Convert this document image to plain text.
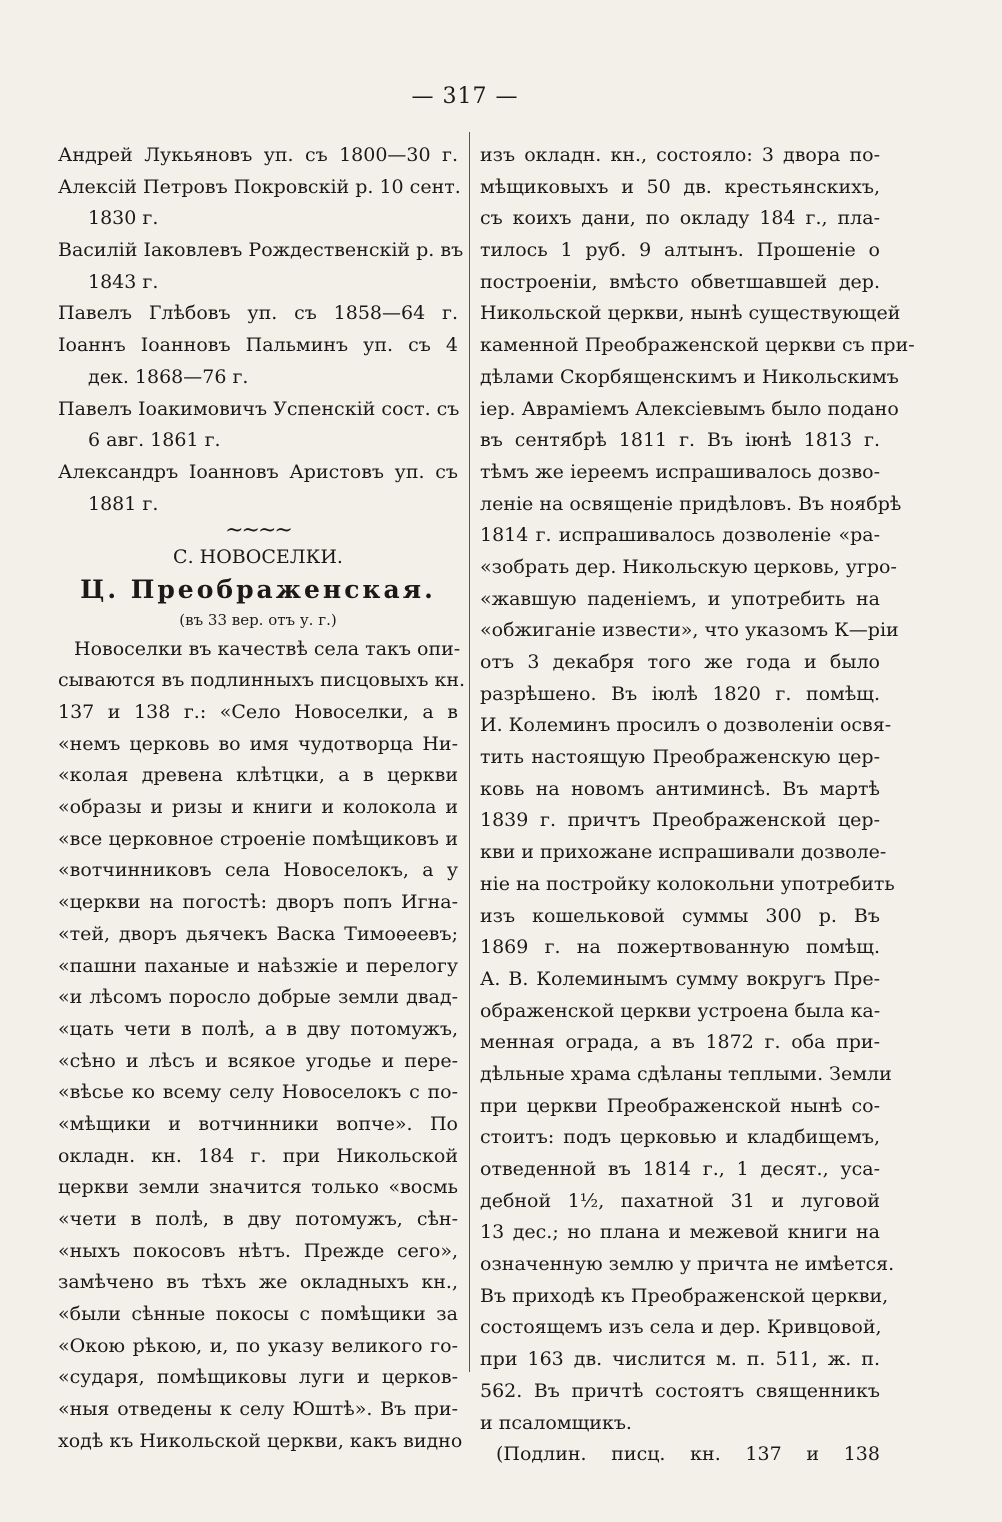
— 317 —
Андрей Лукьяновъ уп. съ 1800—30 г.
Алексій Петровъ Покровскій р. 10 сент.
1830 г.
Василій Іаковлевъ Рождественскій р. въ
1843 г.
Павелъ Глѣбовъ уп. съ 1858—64 г.
Іоаннъ Іоанновъ Пальминъ уп. съ 4
дек. 1868—76 г.
Павелъ Іоакимовичъ Успенскій сост. съ
6 авг. 1861 г.
Александръ Іоанновъ Аристовъ уп. съ
1881 г.
~~~~
С. НОВОСЕЛКИ.
Ц. Преображенская.
(въ 33 вер. отъ у. г.)
Новоселки въ качествѣ села такъ опи-
сываются въ подлинныхъ писцовыхъ кн.
137 и 138 г.: «Село Новоселки, а в
«немъ церковь во имя чудотворца Ни-
«колая древена клѣтцки, а в церкви
«образы и ризы и книги и колокола и
«все церковное строеніе помѣщиковъ и
«вотчинниковъ села Новоселокъ, а у
«церкви на погостѣ: дворъ попъ Игна-
«тей, дворъ дьячекъ Васка Тимоѳеевъ;
«пашни паханые и наѣзжіе и перелогу
«и лѣсомъ поросло добрые земли двад-
«цать чети в полѣ, а в дву потомужъ,
«сѣно и лѣсъ и всякое угодье и пере-
«вѣсье ко всему селу Новоселокъ с по-
«мѣщики и вотчинники вопче». По
окладн. кн. 184 г. при Никольской
церкви земли значится только «восмь
«чети в полѣ, в дву потомужъ, сѣн-
«ныхъ покосовъ нѣтъ. Прежде сего»,
замѣчено въ тѣхъ же окладныхъ кн.,
«были сѣнные покосы с помѣщики за
«Окою рѣкою, и, по указу великого го-
«сударя, помѣщиковы луги и церков-
«ныя отведены к селу Юштѣ». Въ при-
ходѣ къ Никольской церкви, какъ видно
изъ окладн. кн., состояло: 3 двора по-
мѣщиковыхъ и 50 дв. крестьянскихъ,
съ коихъ дани, по окладу 184 г., пла-
тилось 1 руб. 9 алтынъ. Прошеніе о
построеніи, вмѣсто обветшавшей дер.
Никольской церкви, нынѣ существующей
каменной Преображенской церкви съ при-
дѣлами Скорбященскимъ и Никольскимъ
іер. Авраміемъ Алексіевымъ было подано
въ сентябрѣ 1811 г. Въ іюнѣ 1813 г.
тѣмъ же іереемъ испрашивалось дозво-
леніе на освященіе придѣловъ. Въ ноябрѣ
1814 г. испрашивалось дозволеніе «ра-
«зобрать дер. Никольскую церковь, угро-
«жавшую паденіемъ, и употребить на
«обжиганіе извести», что указомъ К—ріи
отъ 3 декабря того же года и было
разрѣшено. Въ іюлѣ 1820 г. помѣщ.
И. Колеминъ просилъ о дозволеніи освя-
тить настоящую Преображенскую цер-
ковь на новомъ антиминсѣ. Въ мартѣ
1839 г. причтъ Преображенской цер-
кви и прихожане испрашивали дозволе-
ніе на постройку колокольни употребить
изъ кошельковой суммы 300 р. Въ
1869 г. на пожертвованную помѣщ.
А. В. Колеминымъ сумму вокругъ Пре-
ображенской церкви устроена была ка-
менная ограда, а въ 1872 г. оба при-
дѣльные храма сдѣланы теплыми. Земли
при церкви Преображенской нынѣ со-
стоитъ: подъ церковью и кладбищемъ,
отведенной въ 1814 г., 1 десят., уса-
дебной 1½, пахатной 31 и луговой
13 дес.; но плана и межевой книги на
означенную землю у причта не имѣется.
Въ приходѣ къ Преображенской церкви,
состоящемъ изъ села и дер. Кривцовой,
при 163 дв. числится м. п. 511, ж. п.
562. Въ причтѣ состоятъ священникъ
и псаломщикъ.
(Подлин. писц. кн. 137 и 138
